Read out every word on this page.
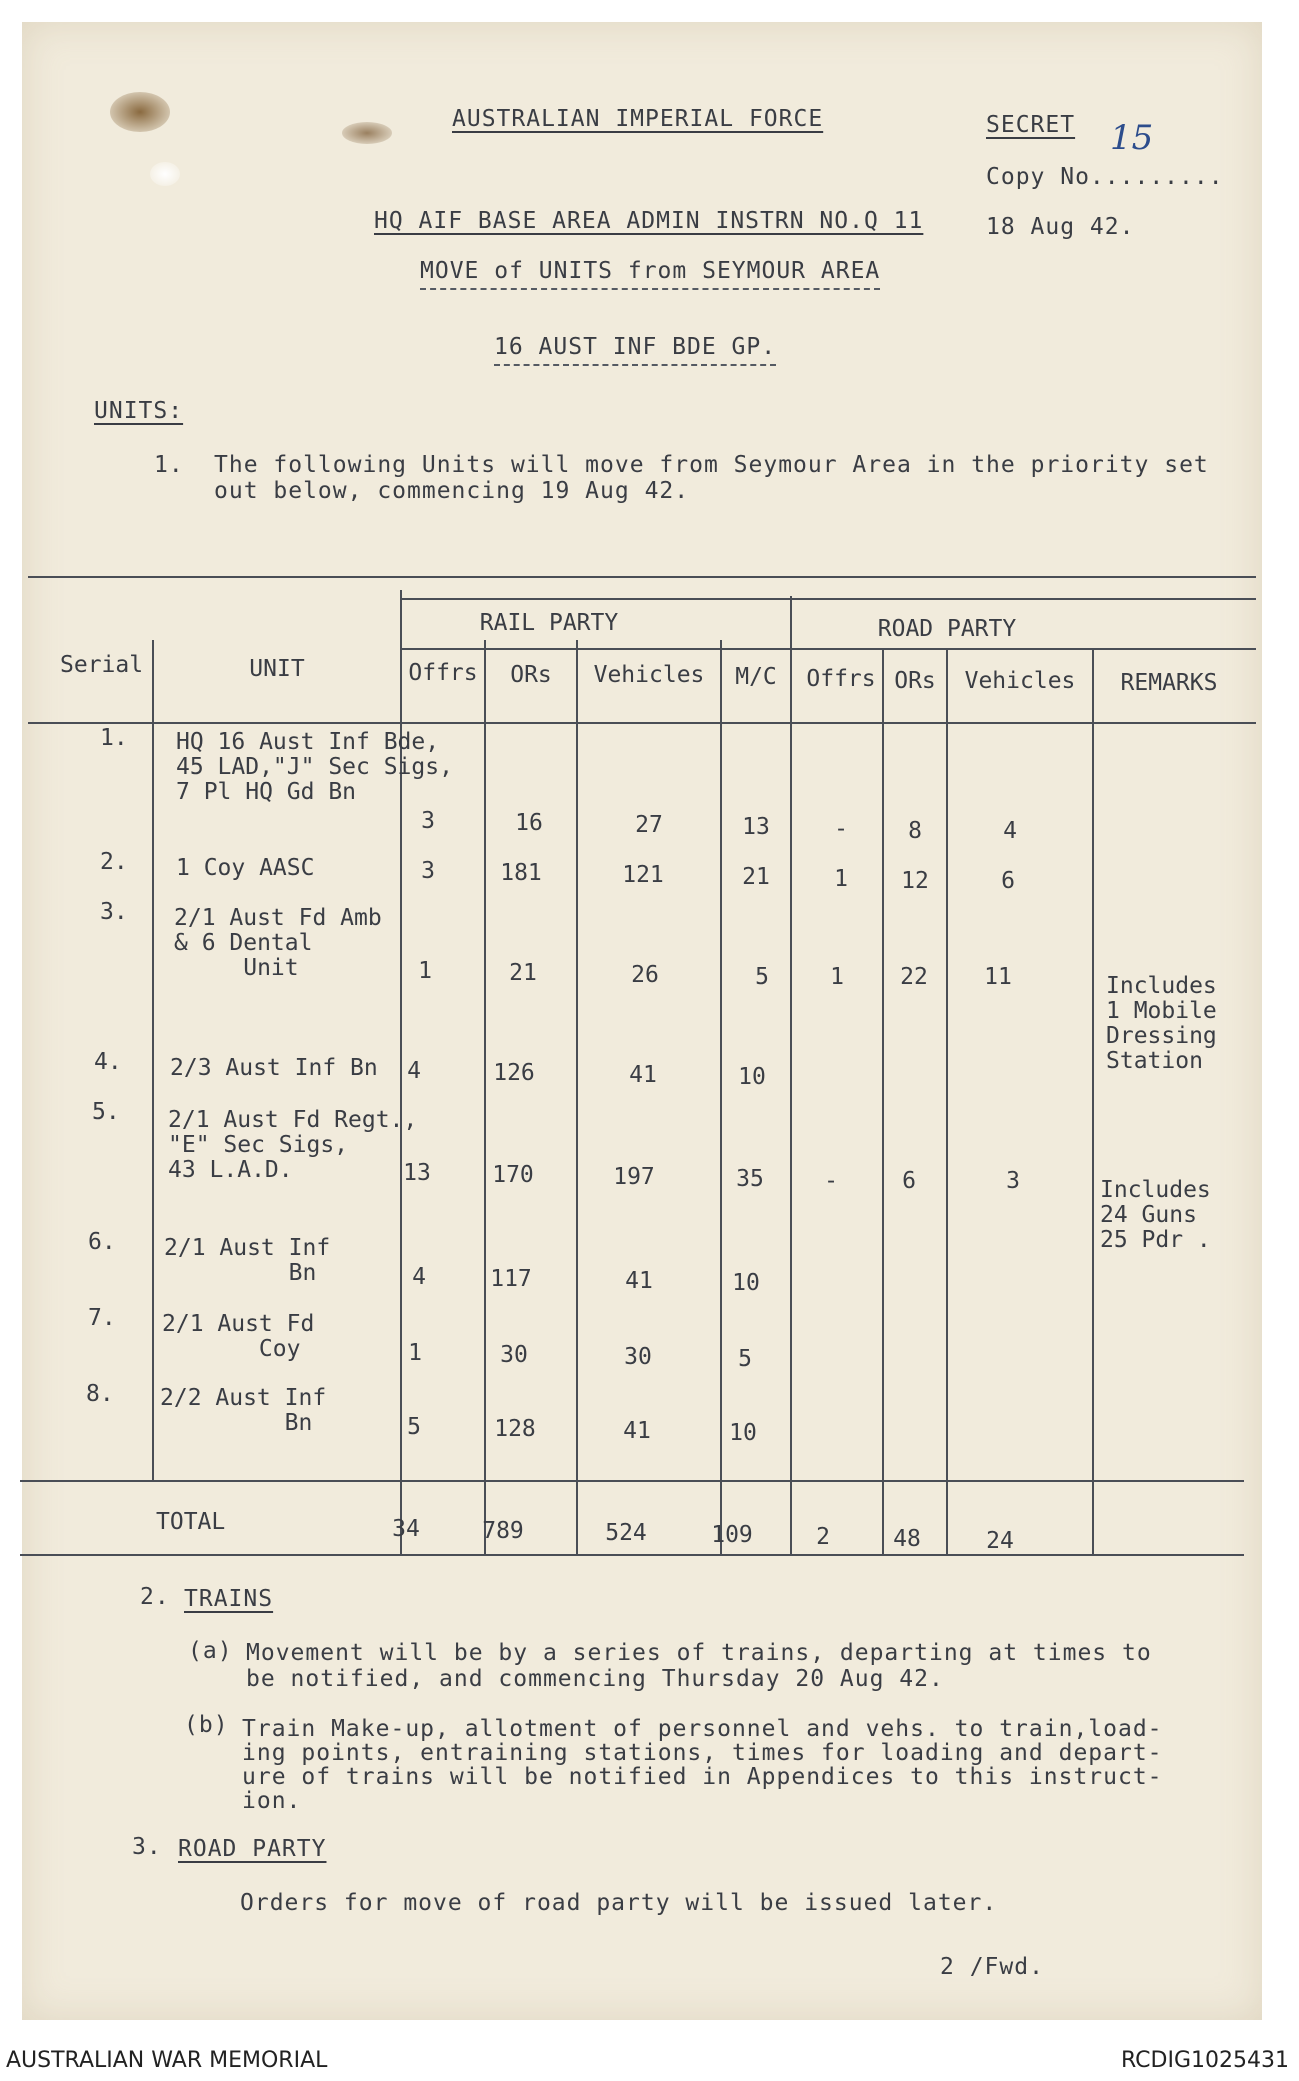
AUSTRALIAN IMPERIAL FORCE	SECRET 15
Copy No.........
HQ AIF BASE AREA ADMIN INSTRN NO.Q 11	18 Aug 42.
MOVE of UNITS from SEYMOUR AREA
16 AUST INF BDE GP.
UNITS:
1. The following Units will move from Seymour Area in the priority set
out below, commencing 19 Aug 42.
RAIL PARTY	ROAD PARTY
Serial	UNIT	Offrs	ORs	Vehicles	M/C	Offrs ORs	Vehicles	REMARKS
1. HQ 16 Aust Inf Bde,
45 LAD,"J" Sec Sigs,
7 Pl HQ Gd Bn
3	16	27	13	-	8	4
2. 1 Coy AASC	3	181	121	21	1	12	6
3. 2/1 Aust Fd Amb
& 6 Dental
Unit	1	21	26	5	1	22	11	Includes
1 Mobile
Dressing
Station
4. 2/3 Aust Inf Bn 4	126	41	10
5. 2/1 Aust Fd Regt.,
"E" Sec Sigs,
43 L.A.D.	13	170	197	35	-	6	3	Includes
24 Guns
25 Pdr .
6. 2/1 Aust Inf
Bn	4	117	41	10
7. 2/1 Aust Fd
Coy	1	30	30	5
8. 2/2 Aust Inf
Bn	5	128	41	10
TOTAL	34	789	524	109	2	48	24
2. TRAINS
(a) Movement will be by a series of trains, departing at times to
be notified, and commencing Thursday 20 Aug 42.
(b) Train Make-up, allotment of personnel and vehs. to train,load-
ing points, entraining stations, times for loading and depart-
ure of trains will be notified in Appendices to this instruct-
ion.
3. ROAD PARTY
Orders for move of road party will be issued later.
2 /Fwd.
AUSTRALIAN WAR MEMORIAL	RCDIG1025431
